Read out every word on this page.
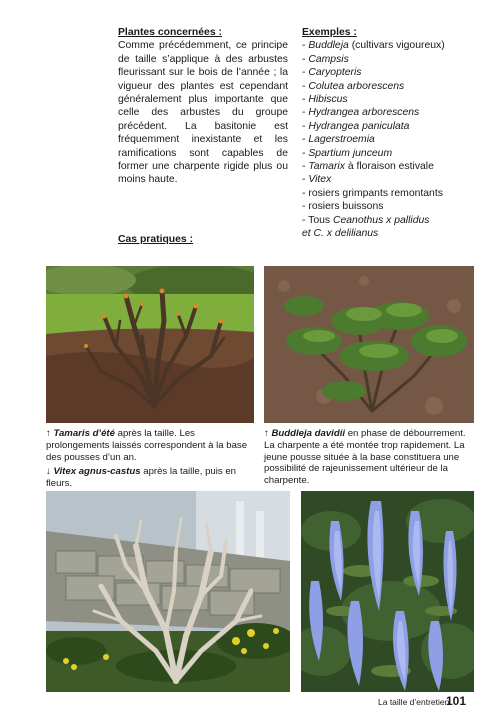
Plantes concernées :
Comme précédemment, ce principe de taille s’applique à des arbustes fleurissant sur le bois de l’année ; la vigueur des plantes est cependant généralement plus importante que celle des arbustes du groupe précédent. La basitonie est fréquemment inexistante et les ramifications sont capables de former une charpente rigide plus ou moins haute.
Exemples :
- Buddleja (cultivars vigoureux)
- Campsis
- Caryopteris
- Colutea arborescens
- Hibiscus
- Hydrangea arborescens
- Hydrangea paniculata
- Lagerstroemia
- Spartium junceum
- Tamarix à floraison estivale
- Vitex
- rosiers grimpants remontants
- rosiers buissons
- Tous Ceanothus x pallidus
et C. x delilianus
Cas pratiques :
↑ Tamaris d’été après la taille. Les prolongements laissés correspondent à la base des pousses d’un an.
↑ Buddleja davidii en phase de débourrement. La charpente a été montée trop rapidement. La jeune pousse située à la base constituera une possibilité de rajeunissement ultérieur de la charpente.
↓ Vitex agnus-castus après la taille, puis en fleurs.
La taille d’entretien
101
